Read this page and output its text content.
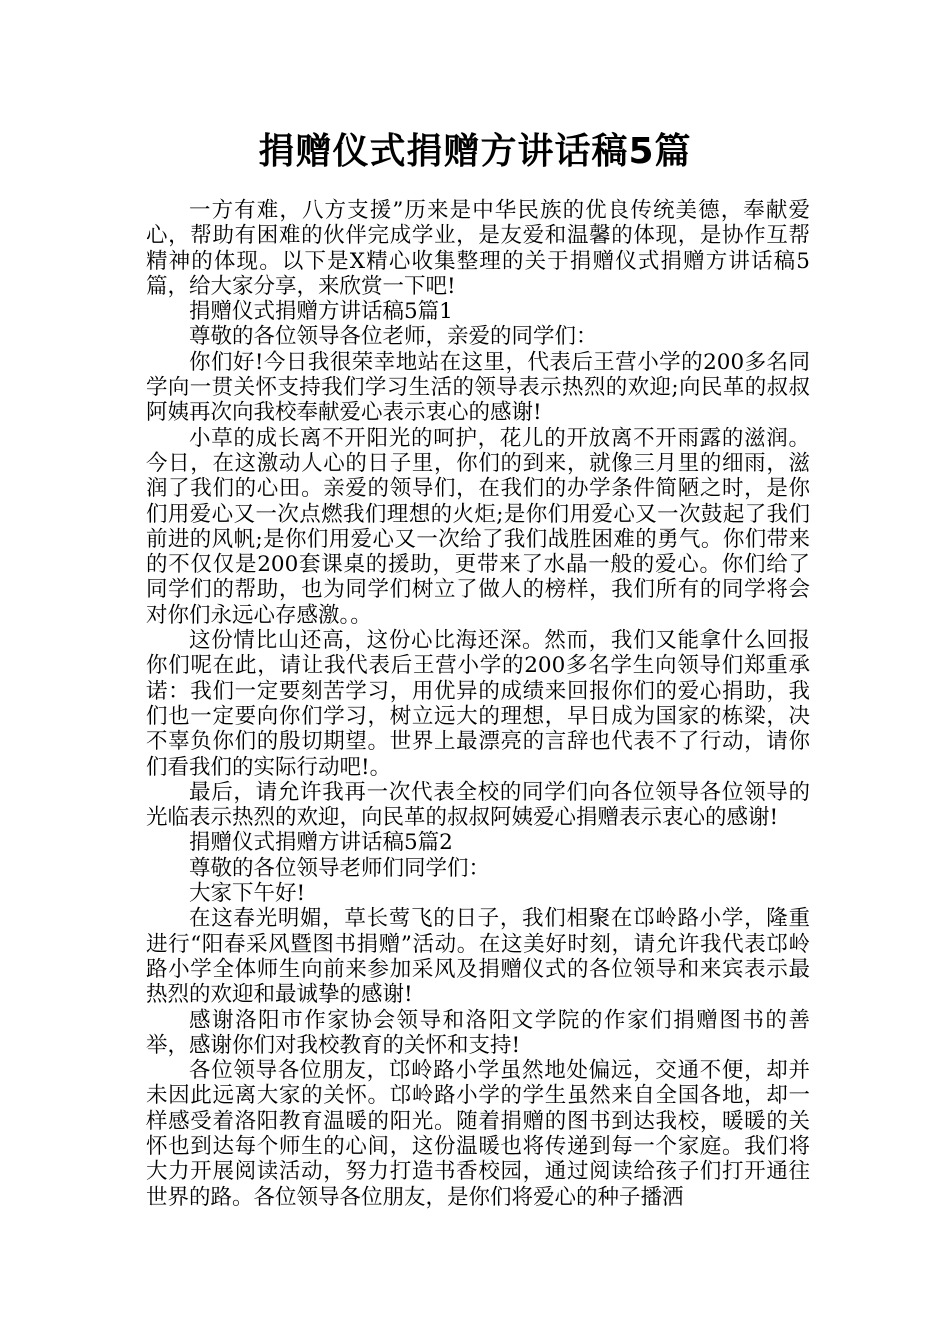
捐赠仪式捐赠方讲话稿5篇

一方有难，八方支援”历来是中华民族的优良传统美德，奉献爱心，帮助有困难的伙伴完成学业，是友爱和温馨的体现，是协作互帮精神的体现。以下是X精心收集整理的关于捐赠仪式捐赠方讲话稿5篇，给大家分享，来欣赏一下吧!

捐赠仪式捐赠方讲话稿5篇1

尊敬的各位领导各位老师，亲爱的同学们：

你们好!今日我很荣幸地站在这里，代表后王营小学的200多名同学向一贯关怀支持我们学习生活的领导表示热烈的欢迎;向民革的叔叔阿姨再次向我校奉献爱心表示衷心的感谢!

小草的成长离不开阳光的呵护，花儿的开放离不开雨露的滋润。今日，在这激动人心的日子里，你们的到来，就像三月里的细雨，滋润了我们的心田。亲爱的领导们，在我们的办学条件简陋之时，是你们用爱心又一次点燃我们理想的火炬;是你们用爱心又一次鼓起了我们前进的风帆;是你们用爱心又一次给了我们战胜困难的勇气。你们带来的不仅仅是200套课桌的援助，更带来了水晶一般的爱心。你们给了同学们的帮助，也为同学们树立了做人的榜样，我们所有的同学将会对你们永远心存感激。。

这份情比山还高，这份心比海还深。然而，我们又能拿什么回报你们呢在此，请让我代表后王营小学的200多名学生向领导们郑重承诺：我们一定要刻苦学习，用优异的成绩来回报你们的爱心捐助，我们也一定要向你们学习，树立远大的理想，早日成为国家的栋梁，决不辜负你们的殷切期望。世界上最漂亮的言辞也代表不了行动，请你们看我们的实际行动吧!。

最后，请允许我再一次代表全校的同学们向各位领导各位领导的光临表示热烈的欢迎，向民革的叔叔阿姨爱心捐赠表示衷心的感谢!

捐赠仪式捐赠方讲话稿5篇2

尊敬的各位领导老师们同学们：

大家下午好!

在这春光明媚，草长莺飞的日子，我们相聚在邙岭路小学，隆重进行“阳春采风暨图书捐赠”活动。在这美好时刻，请允许我代表邙岭路小学全体师生向前来参加采风及捐赠仪式的各位领导和来宾表示最热烈的欢迎和最诚挚的感谢!

感谢洛阳市作家协会领导和洛阳文学院的作家们捐赠图书的善举，感谢你们对我校教育的关怀和支持!

各位领导各位朋友，邙岭路小学虽然地处偏远，交通不便，却并未因此远离大家的关怀。邙岭路小学的学生虽然来自全国各地，却一样感受着洛阳教育温暖的阳光。随着捐赠的图书到达我校，暖暖的关怀也到达每个师生的心间，这份温暖也将传递到每一个家庭。我们将大力开展阅读活动，努力打造书香校园，通过阅读给孩子们打开通往世界的路。各位领导各位朋友，是你们将爱心的种子播洒
